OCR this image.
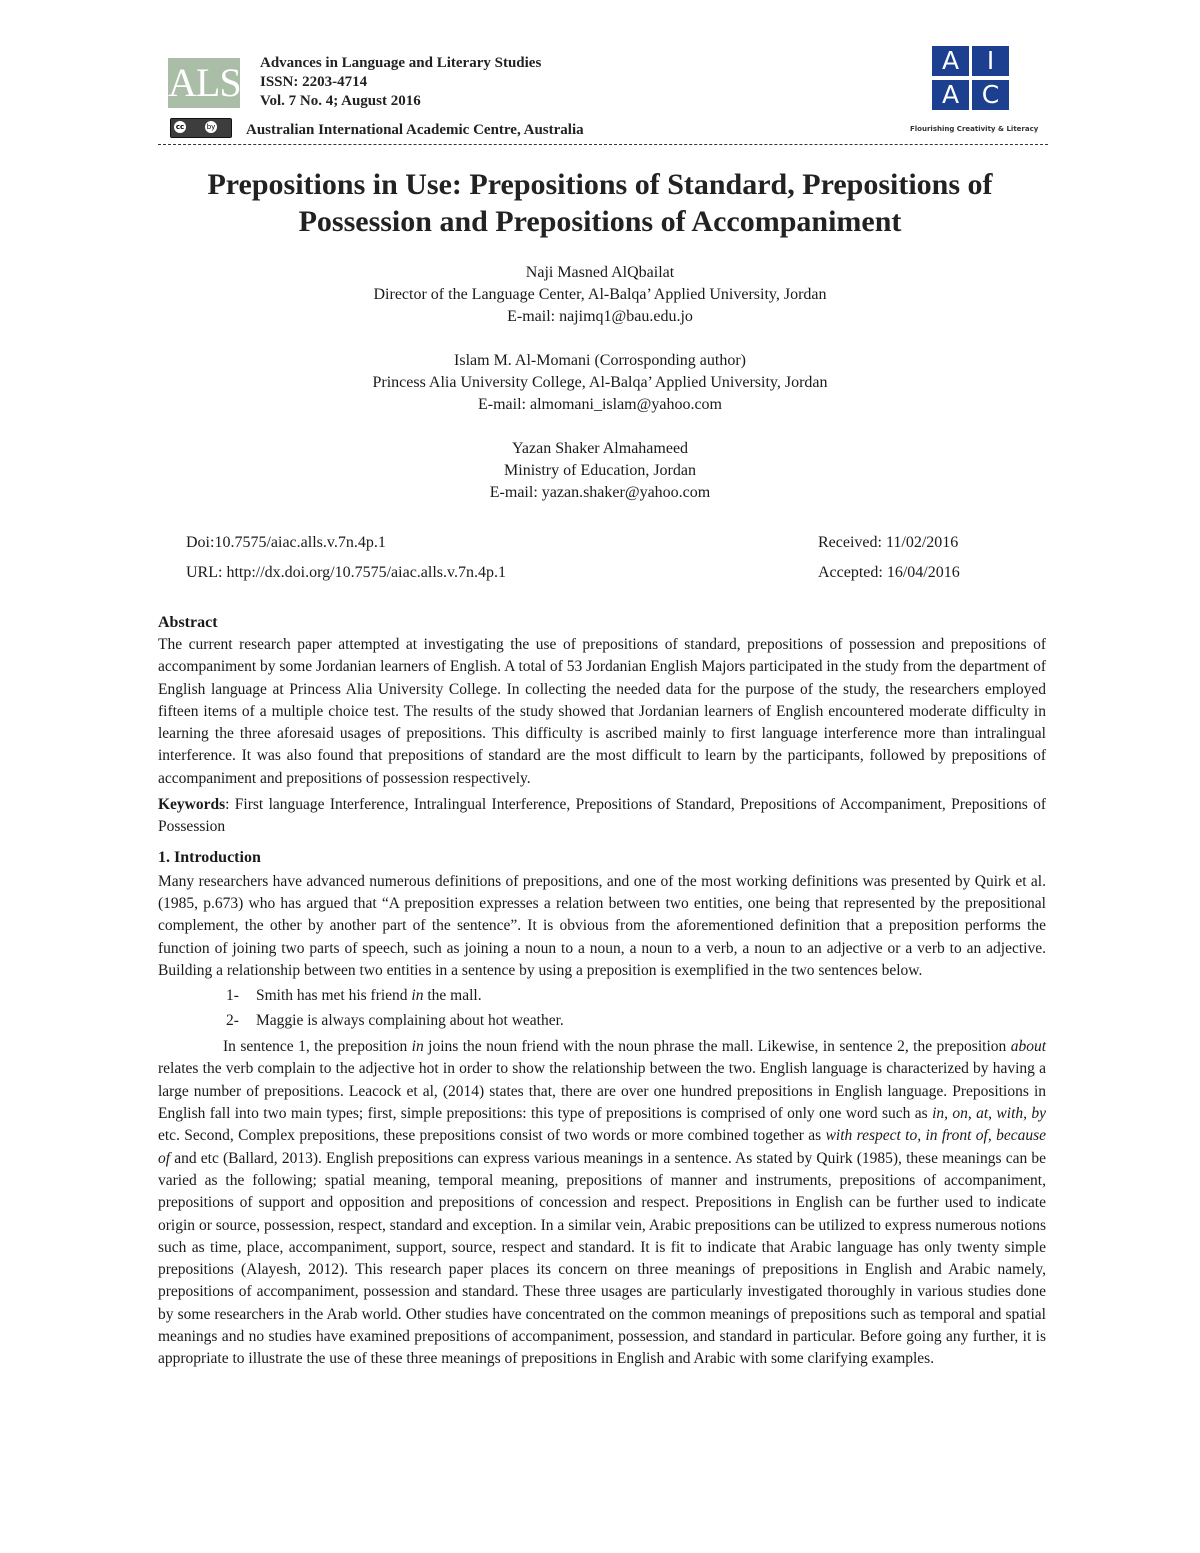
ALS Advances in Language and Literary Studies
ISSN: 2203-4714
Vol. 7 No. 4; August 2016
cc	by Australian International Academic Centre, Australia
A	I
A C
Flourishing Creativity & Literacy
Prepositions in Use: Prepositions of Standard, Prepositions of
Possession and Prepositions of Accompaniment
Naji Masned AlQbailat
Director of the Language Center, Al-Balqa’ Applied University, Jordan
E-mail: najimq1@bau.edu.jo
Islam M. Al-Momani (Corrosponding author)
Princess Alia University College, Al-Balqa’ Applied University, Jordan
E-mail: almomani_islam@yahoo.com
Yazan Shaker Almahameed
Ministry of Education, Jordan
E-mail: yazan.shaker@yahoo.com
Doi:10.7575/aiac.alls.v.7n.4p.1
URL: http://dx.doi.org/10.7575/aiac.alls.v.7n.4p.1
Received: 11/02/2016
Accepted: 16/04/2016

Abstract

The current research paper attempted at investigating the use of prepositions of standard, prepositions of possession and prepositions of accompaniment by some Jordanian learners of English. A total of 53 Jordanian English Majors participated in the study from the department of English language at Princess Alia University College. In collecting the needed data for the purpose of the study, the researchers employed fifteen items of a multiple choice test. The results of the study showed that Jordanian learners of English encountered moderate difficulty in learning the three aforesaid usages of prepositions. This difficulty is ascribed mainly to first language interference more than intralingual interference. It was also found that prepositions of standard are the most difficult to learn by the participants, followed by prepositions of accompaniment and prepositions of possession respectively.

Keywords: First language Interference, Intralingual Interference, Prepositions of Standard, Prepositions of Accompaniment, Prepositions of Possession

1. Introduction

Many researchers have advanced numerous definitions of prepositions, and one of the most working definitions was presented by Quirk et al. (1985, p.673) who has argued that “A preposition expresses a relation between two entities, one being that represented by the prepositional complement, the other by another part of the sentence”. It is obvious from the aforementioned definition that a preposition performs the function of joining two parts of speech, such as joining a noun to a noun, a noun to a verb, a noun to an adjective or a verb to an adjective. Building a relationship between two entities in a sentence by using a preposition is exemplified in the two sentences below.

1- Smith has met his friend in the mall.
2- Maggie is always complaining about hot weather.

In sentence 1, the preposition in joins the noun friend with the noun phrase the mall. Likewise, in sentence 2, the preposition about relates the verb complain to the adjective hot in order to show the relationship between the two. English language is characterized by having a large number of prepositions. Leacock et al, (2014) states that, there are over one hundred prepositions in English language. Prepositions in English fall into two main types; first, simple prepositions: this type of prepositions is comprised of only one word such as in, on, at, with, by etc. Second, Complex prepositions, these prepositions consist of two words or more combined together as with respect to, in front of, because of and etc (Ballard, 2013). English prepositions can express various meanings in a sentence. As stated by Quirk (1985), these meanings can be varied as the following; spatial meaning, temporal meaning, prepositions of manner and instruments, prepositions of accompaniment, prepositions of support and opposition and prepositions of concession and respect. Prepositions in English can be further used to indicate origin or source, possession, respect, standard and exception. In a similar vein, Arabic prepositions can be utilized to express numerous notions such as time, place, accompaniment, support, source, respect and standard. It is fit to indicate that Arabic language has only twenty simple prepositions (Alayesh, 2012). This research paper places its concern on three meanings of prepositions in English and Arabic namely, prepositions of accompaniment, possession and standard. These three usages are particularly investigated thoroughly in various studies done by some researchers in the Arab world. Other studies have concentrated on the common meanings of prepositions such as temporal and spatial meanings and no studies have examined prepositions of accompaniment, possession, and standard in particular. Before going any further, it is appropriate to illustrate the use of these three meanings of prepositions in English and Arabic with some clarifying examples.
